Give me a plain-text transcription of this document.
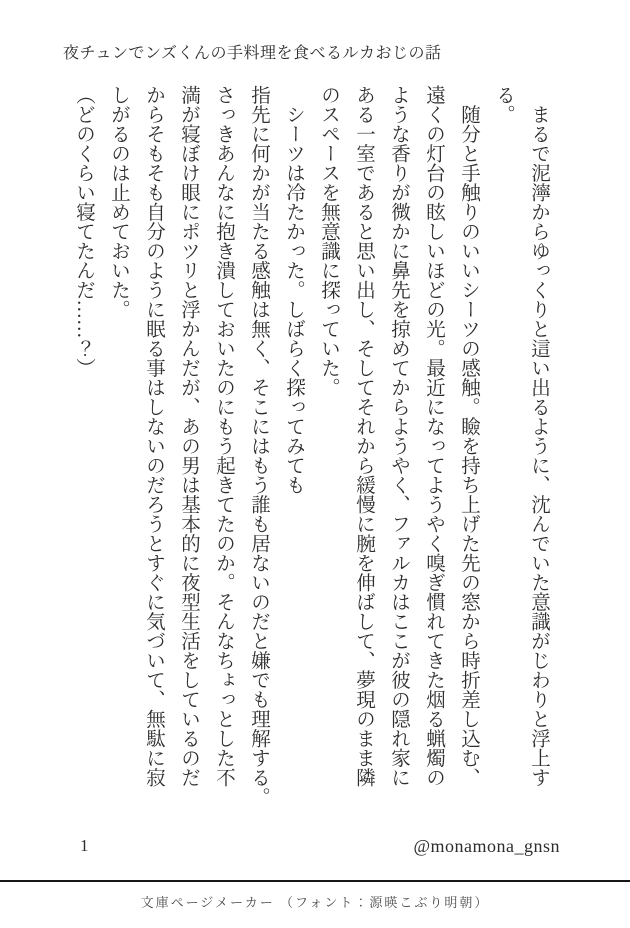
夜チュンでンズくんの手料理を食べるルカおじの話

　まるで泥濘からゆっくりと這い出るように、沈んでいた意識がじわりと浮上す

る。

　随分と手触りのいいシーツの感触。瞼を持ち上げた先の窓から時折差し込む、

遠くの灯台の眩しいほどの光。最近になってようやく嗅ぎ慣れてきた烟る蝋燭の

ような香りが微かに鼻先を掠めてからようやく、ファルカはここが彼の隠れ家に

ある一室であると思い出し、そしてそれから緩慢に腕を伸ばして、夢現のまま隣

のスペースを無意識に探っていた。

　シーツは冷たかった。しばらく探ってみても

指先に何かが当たる感触は無く、そこにはもう誰も居ないのだと嫌でも理解する。

さっきあんなに抱き潰しておいたのにもう起きてたのか。そんなちょっとした不

満が寝ぼけ眼にポツリと浮かんだが、あの男は基本的に夜型生活をしているのだ

からそもそも自分のように眠る事はしないのだろうとすぐに気づいて、無駄に寂

しがるのは止めておいた。

（どのくらい寝てたんだ……？）

1	@monamona_gnsn
文庫ページメーカー （フォント：源暎こぶり明朝）
